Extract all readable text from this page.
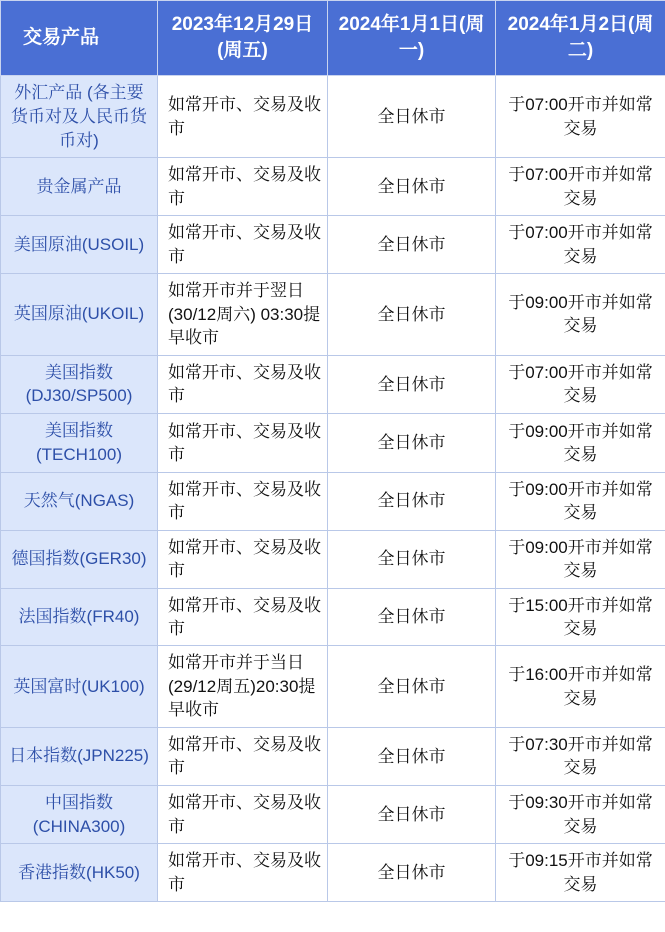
交易产品	2023年12月29日(周五)	2024年1月1日(周一)	2024年1月2日(周二)
外汇产品 (各主要货币对及人民币货币对)	如常开市、交易及收市	全日休市	于07:00开市并如常交易
贵金属产品	如常开市、交易及收市	全日休市	于07:00开市并如常交易
美国原油(USOIL)	如常开市、交易及收市	全日休市	于07:00开市并如常交易
英国原油(UKOIL)	如常开市并于翌日(30/12周六) 03:30提早收市	全日休市	于09:00开市并如常交易
美国指数(DJ30/SP500)	如常开市、交易及收市	全日休市	于07:00开市并如常交易
美国指数(TECH100)	如常开市、交易及收市	全日休市	于09:00开市并如常交易
天然气(NGAS)	如常开市、交易及收市	全日休市	于09:00开市并如常交易
德国指数(GER30)	如常开市、交易及收市	全日休市	于09:00开市并如常交易
法国指数(FR40)	如常开市、交易及收市	全日休市	于15:00开市并如常交易
英国富时(UK100)	如常开市并于当日(29/12周五)20:30提早收市	全日休市	于16:00开市并如常交易
日本指数(JPN225)	如常开市、交易及收市	全日休市	于07:30开市并如常交易
中国指数(CHINA300)	如常开市、交易及收市	全日休市	于09:30开市并如常交易
香港指数(HK50)	如常开市、交易及收市	全日休市	于09:15开市并如常交易
